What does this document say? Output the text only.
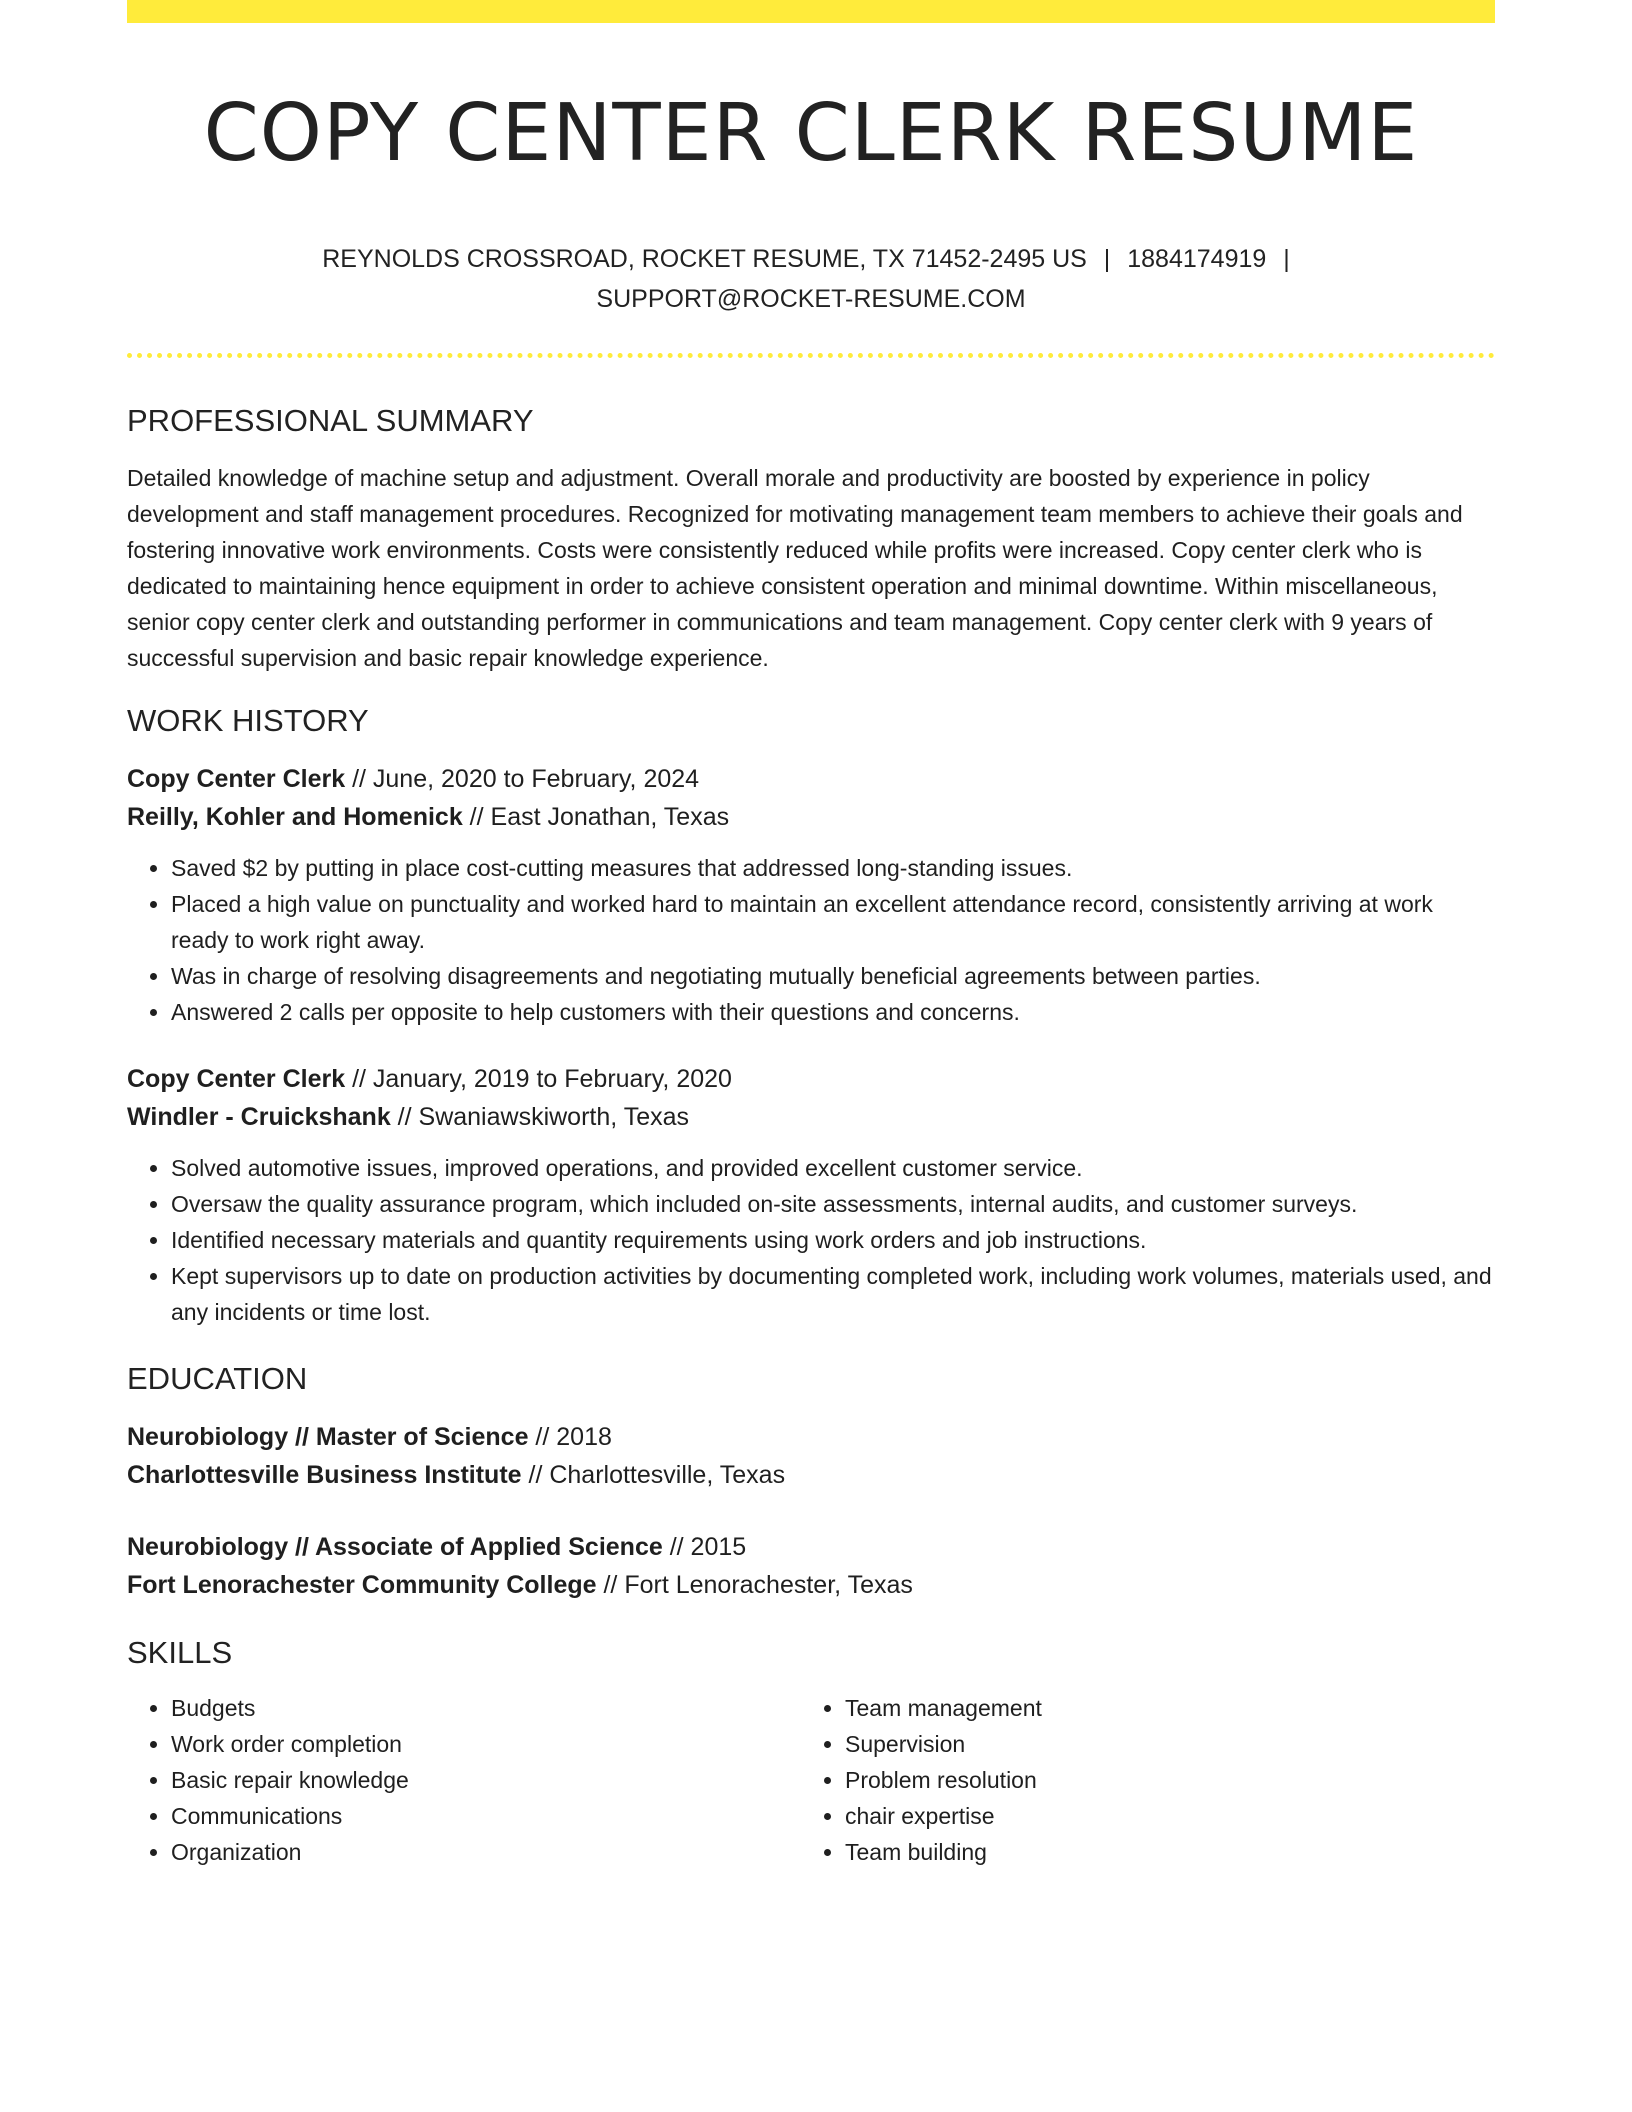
COPY CENTER CLERK RESUME
REYNOLDS CROSSROAD, ROCKET RESUME, TX 71452-2495 US | 1884174919 |
SUPPORT@ROCKET-RESUME.COM
PROFESSIONAL SUMMARY

Detailed knowledge of machine setup and adjustment. Overall morale and productivity are boosted by experience in policy development and staff management procedures. Recognized for motivating management team members to achieve their goals and fostering innovative work environments. Costs were consistently reduced while profits were increased. Copy center clerk who is dedicated to maintaining hence equipment in order to achieve consistent operation and minimal downtime. Within miscellaneous, senior copy center clerk and outstanding performer in communications and team management. Copy center clerk with 9 years of successful supervision and basic repair knowledge experience.

WORK HISTORY
Copy Center Clerk // June, 2020 to February, 2024
Reilly, Kohler and Homenick // East Jonathan, Texas
• Saved $2 by putting in place cost-cutting measures that addressed long-standing issues.
• Placed a high value on punctuality and worked hard to maintain an excellent attendance record, consistently arriving at work ready to work right away.
• Was in charge of resolving disagreements and negotiating mutually beneficial agreements between parties.
• Answered 2 calls per opposite to help customers with their questions and concerns.
Copy Center Clerk // January, 2019 to February, 2020
Windler - Cruickshank // Swaniawskiworth, Texas
• Solved automotive issues, improved operations, and provided excellent customer service.
• Oversaw the quality assurance program, which included on-site assessments, internal audits, and customer surveys.
• Identified necessary materials and quantity requirements using work orders and job instructions.
• Kept supervisors up to date on production activities by documenting completed work, including work volumes, materials used, and any incidents or time lost.
EDUCATION
Neurobiology // Master of Science // 2018
Charlottesville Business Institute // Charlottesville, Texas
Neurobiology // Associate of Applied Science // 2015
Fort Lenorachester Community College // Fort Lenorachester, Texas
SKILLS
• Budgets
• Work order completion
• Basic repair knowledge
• Communications
• Organization
• Team management
• Supervision
• Problem resolution
• chair expertise
• Team building
